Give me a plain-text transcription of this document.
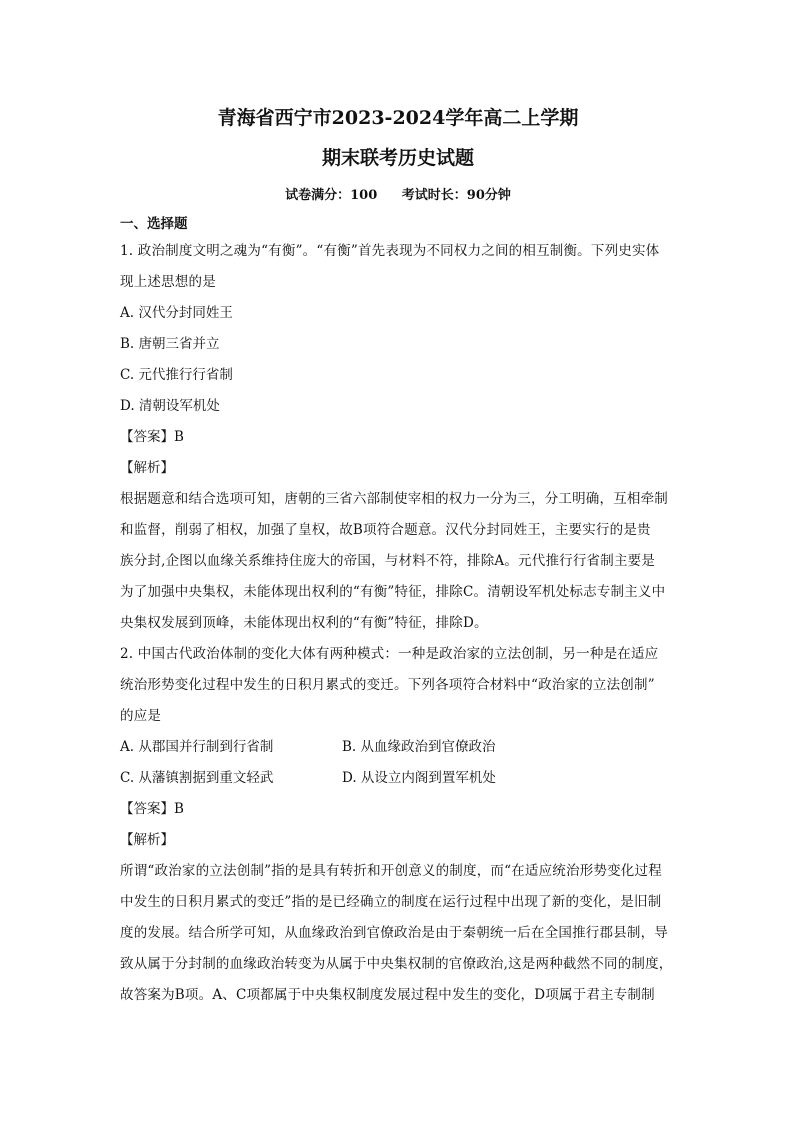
青海省西宁市2023-2024学年高二上学期
期末联考历史试题
试卷满分：100 考试时长：90分钟
一、选择题

1. 政治制度文明之魂为“有衡”。“有衡”首先表现为不同权力之间的相互制衡。下列史实体

现上述思想的是

A. 汉代分封同姓王

B. 唐朝三省并立

C. 元代推行行省制

D. 清朝设军机处

【答案】B
【解析】

根据题意和结合选项可知，唐朝的三省六部制使宰相的权力一分为三，分工明确，互相牵制

和监督，削弱了相权，加强了皇权，故B项符合题意。汉代分封同姓王，主要实行的是贵

族分封,企图以血缘关系维持住庞大的帝国，与材料不符，排除A。元代推行行省制主要是

为了加强中央集权，未能体现出权利的“有衡”特征，排除C。清朝设军机处标志专制主义中

央集权发展到顶峰，未能体现出权利的“有衡”特征，排除D。

2. 中国古代政治体制的变化大体有两种模式：一种是政治家的立法创制，另一种是在适应

统治形势变化过程中发生的日积月累式的变迁。下列各项符合材料中“政治家的立法创制”

的应是

A. 从郡国并行制到行省制	B. 从血缘政治到官僚政治
C. 从藩镇割据到重文轻武	D. 从设立内阁到置军机处
【答案】B
【解析】

所谓“政治家的立法创制”指的是具有转折和开创意义的制度，而“在适应统治形势变化过程

中发生的日积月累式的变迁”指的是已经确立的制度在运行过程中出现了新的变化，是旧制

度的发展。结合所学可知，从血缘政治到官僚政治是由于秦朝统一后在全国推行郡县制，导

致从属于分封制的血缘政治转变为从属于中央集权制的官僚政治,这是两种截然不同的制度，

故答案为B项。A、C项都属于中央集权制度发展过程中发生的变化，D项属于君主专制制
